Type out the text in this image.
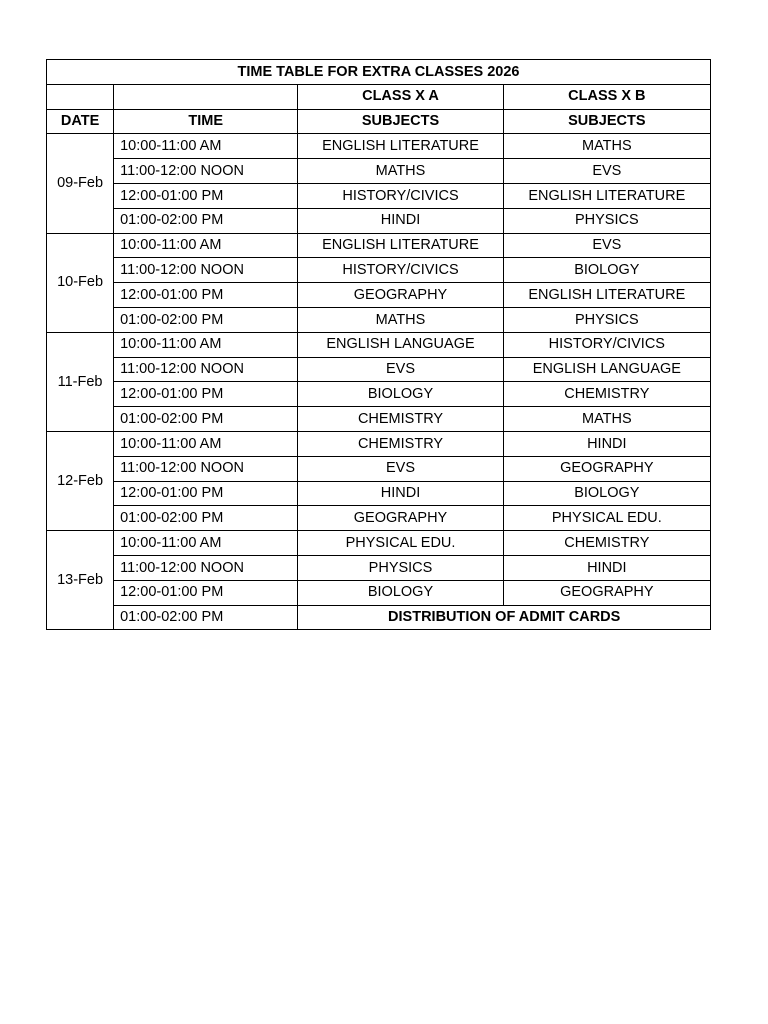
TIME TABLE FOR EXTRA CLASSES 2026			
		CLASS X A	CLASS X B
DATE	TIME	SUBJECTS	SUBJECTS
09-Feb	10:00-11:00 AM	ENGLISH LITERATURE	MATHS
	11:00-12:00 NOON	MATHS	EVS
	12:00-01:00 PM	HISTORY/CIVICS	ENGLISH LITERATURE
	01:00-02:00 PM	HINDI	PHYSICS
10-Feb	10:00-11:00 AM	ENGLISH LITERATURE	EVS
	11:00-12:00 NOON	HISTORY/CIVICS	BIOLOGY
	12:00-01:00 PM	GEOGRAPHY	ENGLISH LITERATURE
	01:00-02:00 PM	MATHS	PHYSICS
11-Feb	10:00-11:00 AM	ENGLISH LANGUAGE	HISTORY/CIVICS
	11:00-12:00 NOON	EVS	ENGLISH LANGUAGE
	12:00-01:00 PM	BIOLOGY	CHEMISTRY
	01:00-02:00 PM	CHEMISTRY	MATHS
12-Feb	10:00-11:00 AM	CHEMISTRY	HINDI
	11:00-12:00 NOON	EVS	GEOGRAPHY
	12:00-01:00 PM	HINDI	BIOLOGY
	01:00-02:00 PM	GEOGRAPHY	PHYSICAL EDU.
13-Feb	10:00-11:00 AM	PHYSICAL EDU.	CHEMISTRY
	11:00-12:00 NOON	PHYSICS	HINDI
	12:00-01:00 PM	BIOLOGY	GEOGRAPHY
	01:00-02:00 PM	DISTRIBUTION OF ADMIT CARDS	
